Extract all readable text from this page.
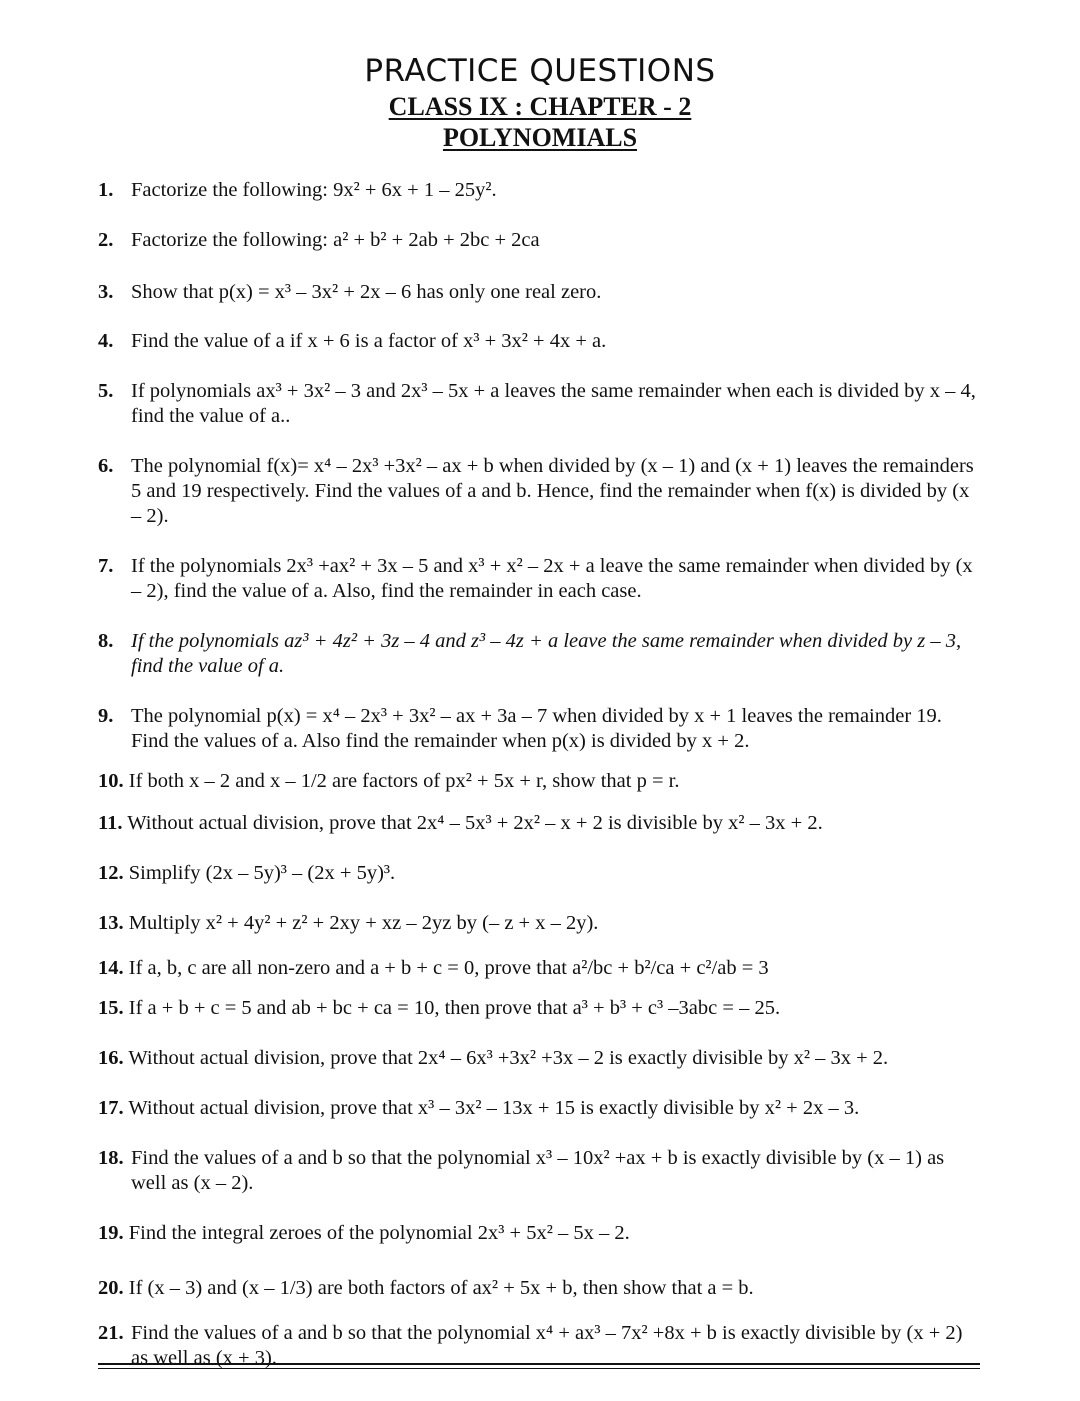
PRACTICE QUESTIONS
CLASS IX : CHAPTER - 2
POLYNOMIALS
1. Factorize the following: 9x² + 6x + 1 – 25y².
2. Factorize the following: a² + b² + 2ab + 2bc + 2ca
3. Show that p(x) = x³ – 3x² + 2x – 6 has only one real zero.
4. Find the value of a if x + 6 is a factor of x³ + 3x² + 4x + a.
5. If polynomials ax³ + 3x² – 3 and 2x³ – 5x + a leaves the same remainder when each is divided by x – 4, find the value of a..
6. The polynomial f(x)= x⁴ – 2x³ +3x² – ax + b when divided by (x – 1) and (x + 1) leaves the remainders 5 and 19 respectively. Find the values of a and b. Hence, find the remainder when f(x) is divided by (x – 2).
7. If the polynomials 2x³ +ax² + 3x – 5 and x³ + x² – 2x + a leave the same remainder when divided by (x – 2), find the value of a. Also, find the remainder in each case.
8. If the polynomials az³ + 4z² + 3z – 4 and z³ – 4z + a leave the same remainder when divided by z – 3, find the value of a.
9. The polynomial p(x) = x⁴ – 2x³ + 3x² – ax + 3a – 7 when divided by x + 1 leaves the remainder 19. Find the values of a. Also find the remainder when p(x) is divided by x + 2.
10. If both x – 2 and x – 1/2 are factors of px² + 5x + r, show that p = r.
11. Without actual division, prove that 2x⁴ – 5x³ + 2x² – x + 2 is divisible by x² – 3x + 2.
12. Simplify (2x – 5y)³ – (2x + 5y)³.
13. Multiply x² + 4y² + z² + 2xy + xz – 2yz by (– z + x – 2y).
14. If a, b, c are all non-zero and a + b + c = 0, prove that a²/bc + b²/ca + c²/ab = 3
15. If a + b + c = 5 and ab + bc + ca = 10, then prove that a³ + b³ + c³ –3abc = – 25.
16. Without actual division, prove that 2x⁴ – 6x³ +3x² +3x – 2 is exactly divisible by x² – 3x + 2.
17. Without actual division, prove that x³ – 3x² – 13x + 15 is exactly divisible by x² + 2x – 3.
18. Find the values of a and b so that the polynomial x³ – 10x² +ax + b is exactly divisible by (x – 1) as well as (x – 2).
19. Find the integral zeroes of the polynomial 2x³ + 5x² – 5x – 2.
20. If (x – 3) and (x – 1/3) are both factors of ax² + 5x + b, then show that a = b.
21. Find the values of a and b so that the polynomial x⁴ + ax³ – 7x² +8x + b is exactly divisible by (x + 2) as well as (x + 3).
